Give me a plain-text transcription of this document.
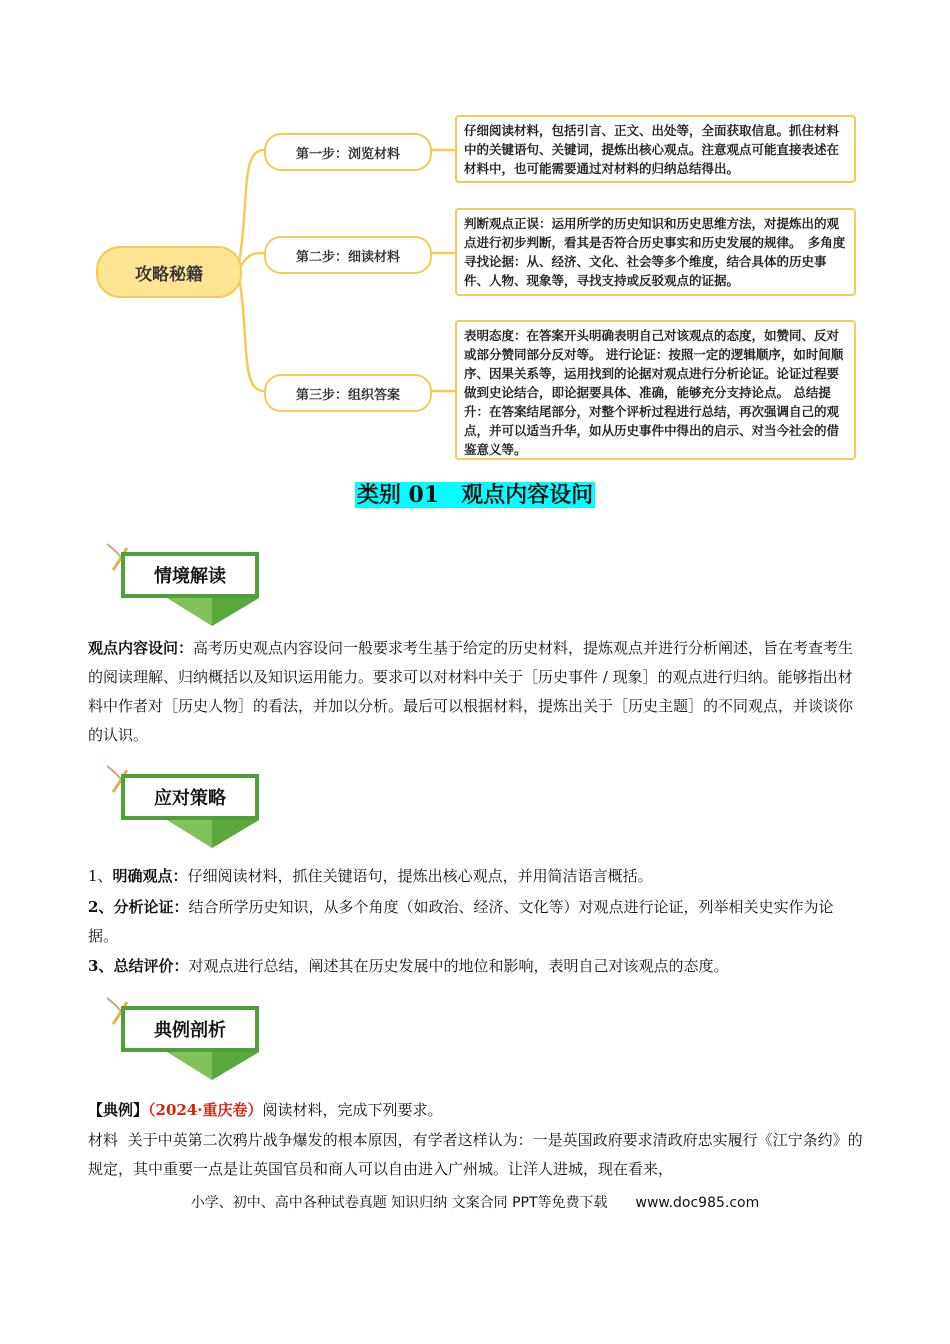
攻略秘籍
第一步：浏览材料
第二步：细读材料
第三步：组织答案
仔细阅读材料，包括引言、正文、出处等，全面获取信息。抓住材料中的关键语句、关键词，提炼出核心观点。注意观点可能直接表述在材料中，也可能需要通过对材料的归纳总结得出。
判断观点正误：运用所学的历史知识和历史思维方法，对提炼出的观点进行初步判断，看其是否符合历史事实和历史发展的规律。　多角度寻找论据：从、经济、文化、社会等多个维度，结合具体的历史事件、人物、现象等，寻找支持或反驳观点的证据。
表明态度：在答案开头明确表明自己对该观点的态度，如赞同、反对或部分赞同部分反对等。 进行论证：按照一定的逻辑顺序，如时间顺序、因果关系等，运用找到的论据对观点进行分析论证。论证过程要做到史论结合，即论据要具体、准确，能够充分支持论点。 总结提升：在答案结尾部分，对整个评析过程进行总结，再次强调自己的观点，并可以适当升华，如从历史事件中得出的启示、对当今社会的借鉴意义等。
类别 01　观点内容设问
情境解读
观点内容设问：高考历史观点内容设问一般要求考生基于给定的历史材料，提炼观点并进行分析阐述，旨在考查考生的阅读理解、归纳概括以及知识运用能力。要求可以对材料中关于［历史事件 / 现象］的观点进行归纳。能够指出材料中作者对［历史人物］的看法，并加以分析。最后可以根据材料，提炼出关于［历史主题］的不同观点，并谈谈你的认识。
应对策略
1、明确观点：仔细阅读材料，抓住关键语句，提炼出核心观点，并用简洁语言概括。
2、分析论证：结合所学历史知识，从多个角度（如政治、经济、文化等）对观点进行论证，列举相关史实作为论据。
3、总结评价：对观点进行总结，阐述其在历史发展中的地位和影响，表明自己对该观点的态度。
典例剖析
【典例】（2024·重庆卷）阅读材料，完成下列要求。
材料 关于中英第二次鸦片战争爆发的根本原因，有学者这样认为：一是英国政府要求清政府忠实履行《江宁条约》的规定，其中重要一点是让英国官员和商人可以自由进入广州城。让洋人进城，现在看来，
小学、初中、高中各种试卷真题 知识归纳 文案合同 PPT等免费下载　　www.doc985.com
